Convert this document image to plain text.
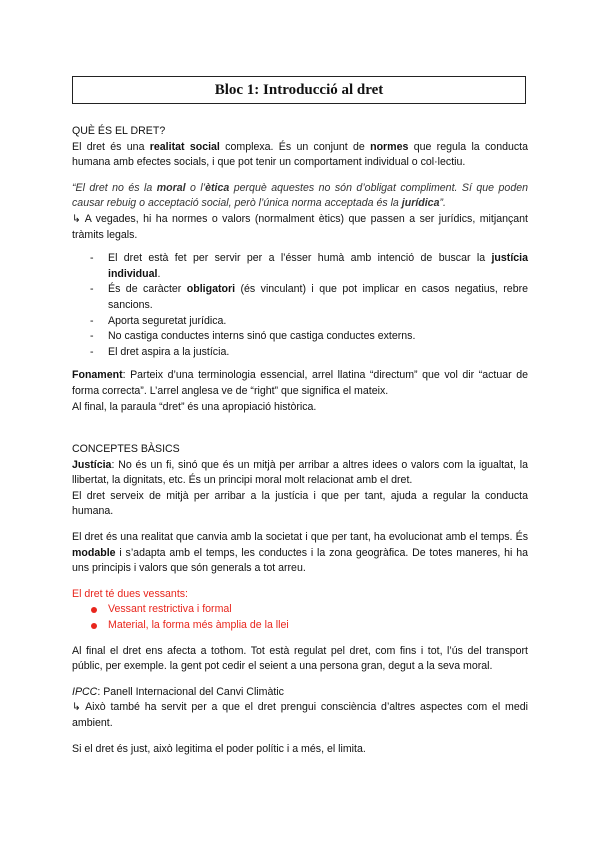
Bloc 1: Introducció al dret

QUÈ ÉS EL DRET?

El dret és una realitat social complexa. És un conjunt de normes que regula la conducta humana amb efectes socials, i que pot tenir un comportament individual o col·lectiu.

“El dret no és la moral o l’ètica perquè aquestes no són d’obligat compliment. Sí que poden causar rebuig o acceptació social, però l’única norma acceptada és la jurídica”.

↳ A vegades, hi ha normes o valors (normalment ètics) que passen a ser jurídics, mitjançant tràmits legals.

- El dret està fet per servir per a l’ésser humà amb intenció de buscar la justícia individual.
- És de caràcter obligatori (és vinculant) i que pot implicar en casos negatius, rebre sancions.
- Aporta seguretat jurídica.
- No castiga conductes interns sinó que castiga conductes externs.
- El dret aspira a la justícia.

Fonament: Parteix d’una terminologia essencial, arrel llatina “directum” que vol dir “actuar de forma correcta”. L’arrel anglesa ve de “right” que significa el mateix.

Al final, la paraula “dret” és una apropiació històrica.

CONCEPTES BÀSICS

Justícia: No és un fi, sinó que és un mitjà per arribar a altres idees o valors com la igualtat, la llibertat, la dignitats, etc. És un principi moral molt relacionat amb el dret.

El dret serveix de mitjà per arribar a la justícia i que per tant, ajuda a regular la conducta humana.

El dret és una realitat que canvia amb la societat i que per tant, ha evolucionat amb el temps. És modable i s’adapta amb el temps, les conductes i la zona geogràfica. De totes maneres, hi ha uns principis i valors que són generals a tot arreu.

El dret té dues vessants:

Vessant restrictiva i formal
Material, la forma més àmplia de la llei

Al final el dret ens afecta a tothom. Tot està regulat pel dret, com fins i tot, l’ús del transport públic, per exemple. la gent pot cedir el seient a una persona gran, degut a la seva moral.

IPCC: Panell Internacional del Canvi Climàtic

↳ Això també ha servit per a que el dret prengui consciència d’altres aspectes com el medi ambient.

Si el dret és just, això legitima el poder polític i a més, el limita.
